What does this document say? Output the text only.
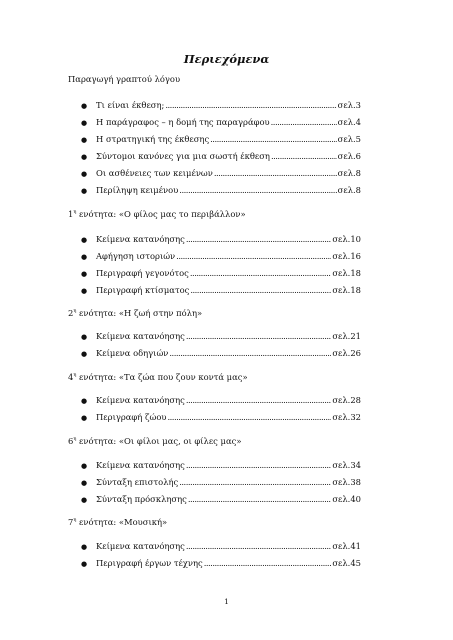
Περιεχόμενα
Παραγωγή γραπτού λόγου
●	Τι είναι έκθεση; .....	σελ.3
●	Η παράγραφος – η δομή της παραγράφου .....	σελ.4
●	Η στρατηγική της έκθεσης .....	σελ.5
●	Σύντομοι κανόνες για μια σωστή έκθεση .....	σελ.6
●	Οι ασθένειες των κειμένων .....	σελ.8
●	Περίληψη κειμένου .....	σελ.8
$1^\eta$ ενότητα: «Ο φίλος μας το περιβάλλον»
●	Κείμενα κατανόησης .....	σελ.10
●	Αφήγηση ιστοριών .....	σελ.16
●	Περιγραφή γεγονότος .....	σελ.18
●	Περιγραφή κτίσματος .....	σελ.18
$2^\eta$ ενότητα: «Η ζωή στην πόλη»
●	Κείμενα κατανόησης .....	σελ.21
●	Κείμενα οδηγιών .....	σελ.26
$4^\eta$ ενότητα: «Τα ζώα που ζουν κοντά μας»
●	Κείμενα κατανόησης .....	σελ.28
●	Περιγραφή ζώου .....	σελ.32
$6^\eta$ ενότητα: «Οι φίλοι μας, οι φίλες μας»
●	Κείμενα κατανόησης .....	σελ.34
●	Σύνταξη επιστολής .....	σελ.38
●	Σύνταξη πρόσκλησης .....	σελ.40
$7^\eta$ ενότητα: «Μουσική»
●	Κείμενα κατανόησης .....	σελ.41
●	Περιγραφή έργων τέχνης .....	σελ.45
1
